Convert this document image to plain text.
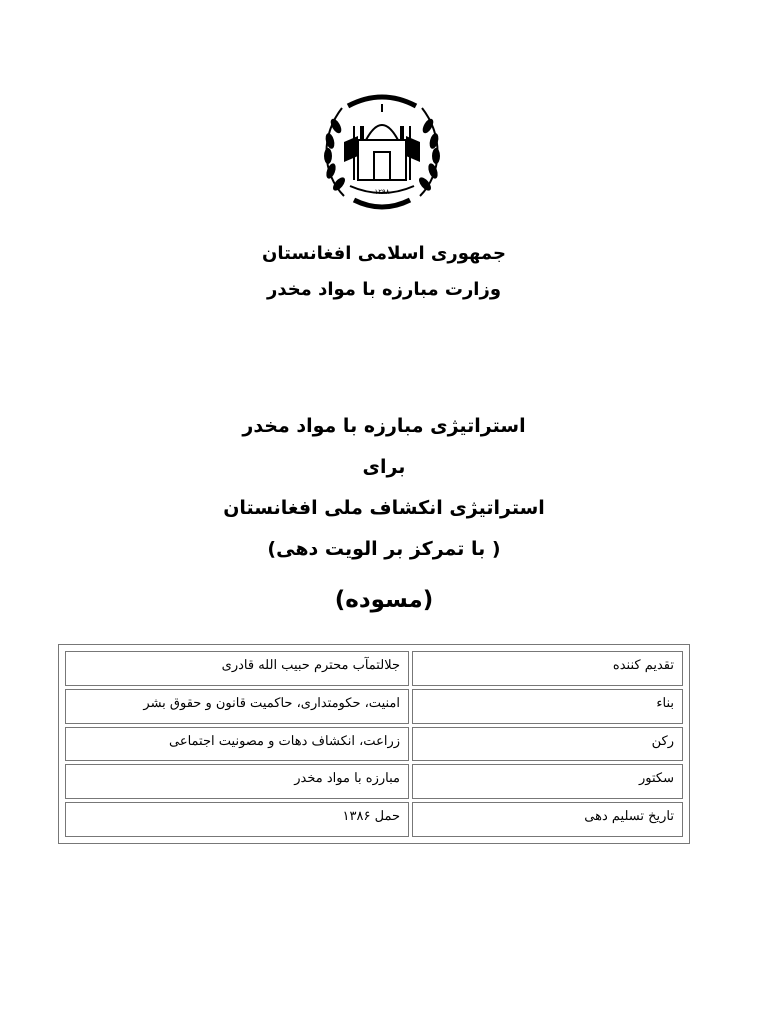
۱۲۹۸
جمهوری اسلامی افغانستان
وزارت مبارزه با مواد مخدر
استراتیژی مبارزه با مواد مخدر
برای
استراتیژی انکشاف ملی افغانستان
( با تمرکز بر الویت دهی)
(مسوده)
تقدیم کننده	جلالتمآب محترم حبیب الله قادری
بناء	امنیت، حکومتداری، حاکمیت قانون و حقوق بشر
رکن	زراعت، انکشاف دهات و مصونیت اجتماعی
سکتور	مبارزه با مواد مخدر
تاریخ تسلیم دهی	حمل ۱۳۸۶
